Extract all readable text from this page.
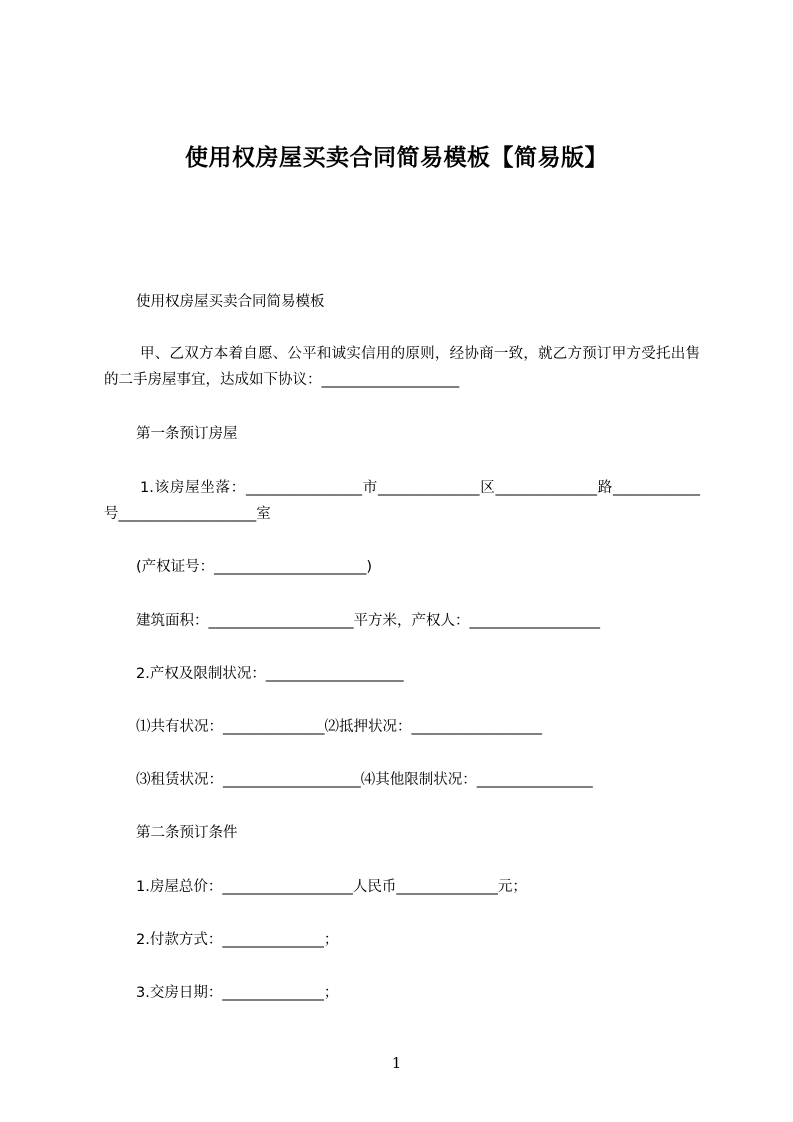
使用权房屋买卖合同简易模板【简易版】
使用权房屋买卖合同简易模板
甲、乙双方本着自愿、公平和诚实信用的原则，经协商一致，就乙方预订甲方受托出售的二手房屋事宜，达成如下协议：___________________
第一条预订房屋
1.该房屋坐落：________________市______________区______________路____________号___________________室
(产权证号：_____________________)
建筑面积：____________________平方米，产权人：__________________
2.产权及限制状况：___________________
⑴共有状况：______________⑵抵押状况：__________________
⑶租赁状况：___________________⑷其他限制状况：________________
第二条预订条件
1.房屋总价：__________________人民币______________元；
2.付款方式：______________；
3.交房日期：______________；
1
